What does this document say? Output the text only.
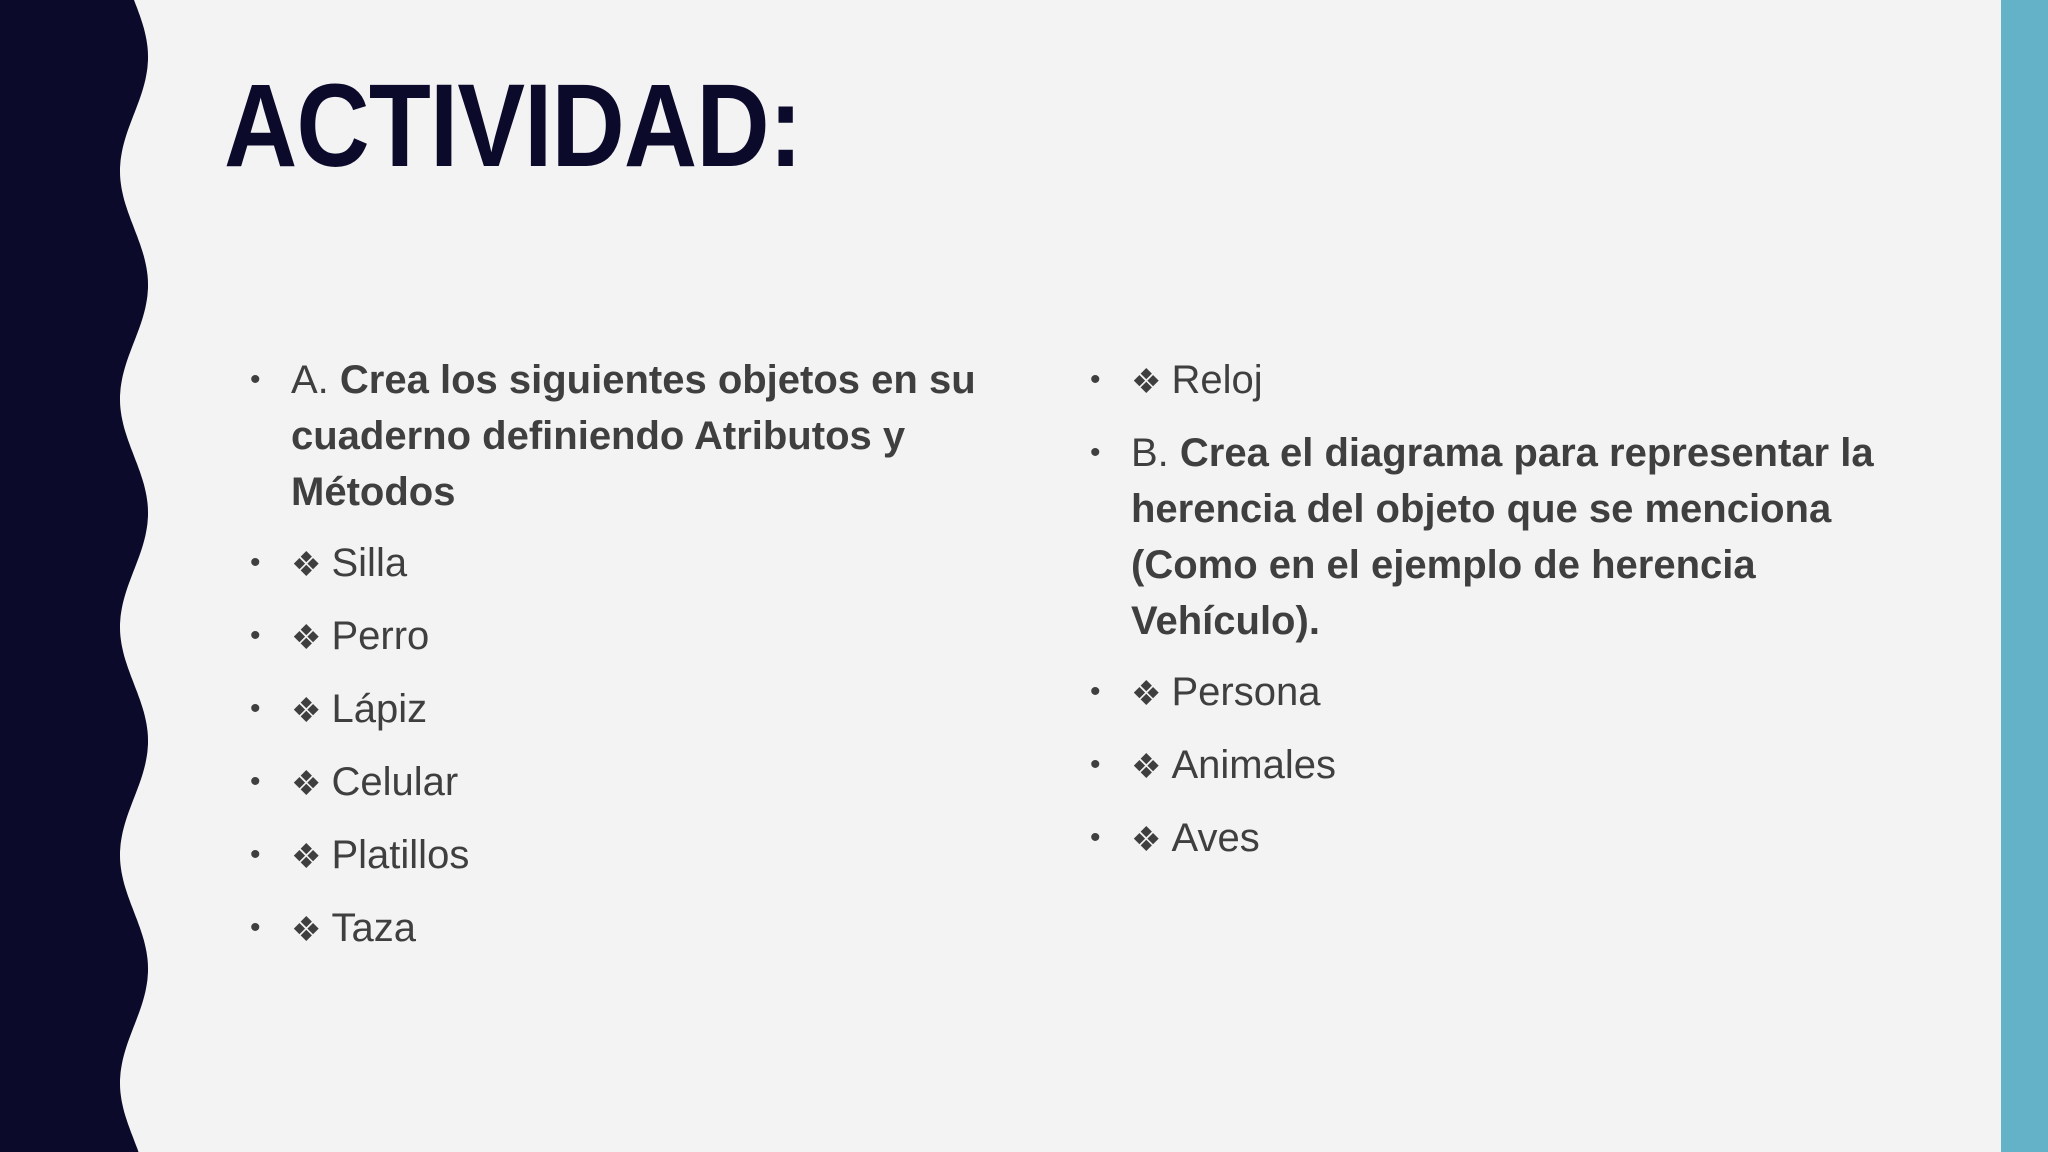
ACTIVIDAD:
• A. Crea los siguientes objetos en su cuaderno definiendo Atributos y Métodos
• ❖ Silla
• ❖ Perro
• ❖ Lápiz
• ❖ Celular
• ❖ Platillos
• ❖ Taza
• ❖ Reloj
• B. Crea el diagrama para representar la herencia del objeto que se menciona (Como en el ejemplo de herencia Vehículo).
• ❖ Persona
• ❖ Animales
• ❖ Aves
